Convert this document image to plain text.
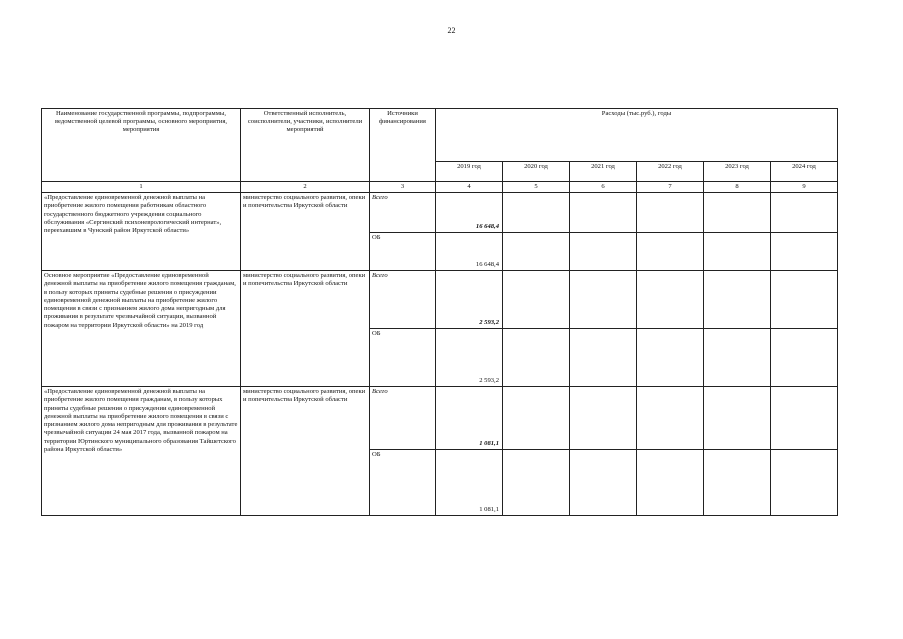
22
Наименование государственной программы, подпрограммы, ведомственной целевой программы, основного мероприятия, мероприятия	Ответственный исполнитель, соисполнители, участники, исполнители мероприятий	Источники финансирования	Расходы (тыс.руб.), годы					
			2019 год	2020 год	2021 год	2022 год	2023 год	2024 год
1	2	3	4	5	6	7	8	9
«Предоставление единовременной денежной выплаты на приобретение жилого помещения работникам областного государственного бюджетного учреждения социального обслуживания «Сергинский психоневрологический интернат», переехавшим в Чунский район Иркутской области»	министерство социального развития, опеки и попечительства Иркутской области	Всего	16 648,4					

		ОБ	16 648,4					

Основное мероприятие «Предоставление единовременной денежной выплаты на приобретение жилого помещения гражданам, в пользу которых приняты судебные решения о присуждении единовременной денежной выплаты на приобретение жилого помещения в связи с признанием жилого дома непригодным для проживания в результате чрезвычайной ситуации, вызванной пожаром на территории Иркутской области» на 2019 год	министерство социального развития, опеки и попечительства Иркутской области	Всего	2 593,2					

		ОБ	2 593,2					

«Предоставление единовременной денежной выплаты на приобретение жилого помещения гражданам, в пользу которых приняты судебные решения о присуждении единовременной денежной выплаты на приобретение жилого помещения в связи с признанием жилого дома непригодным для проживания в результате чрезвычайной ситуации 24 мая 2017 года, вызванной пожаром на территории Юртинского муниципального образования Тайшетского района Иркутской области»	министерство социального развития, опеки и попечительства Иркутской области	Всего	1 081,1					

		ОБ	1 081,1					
